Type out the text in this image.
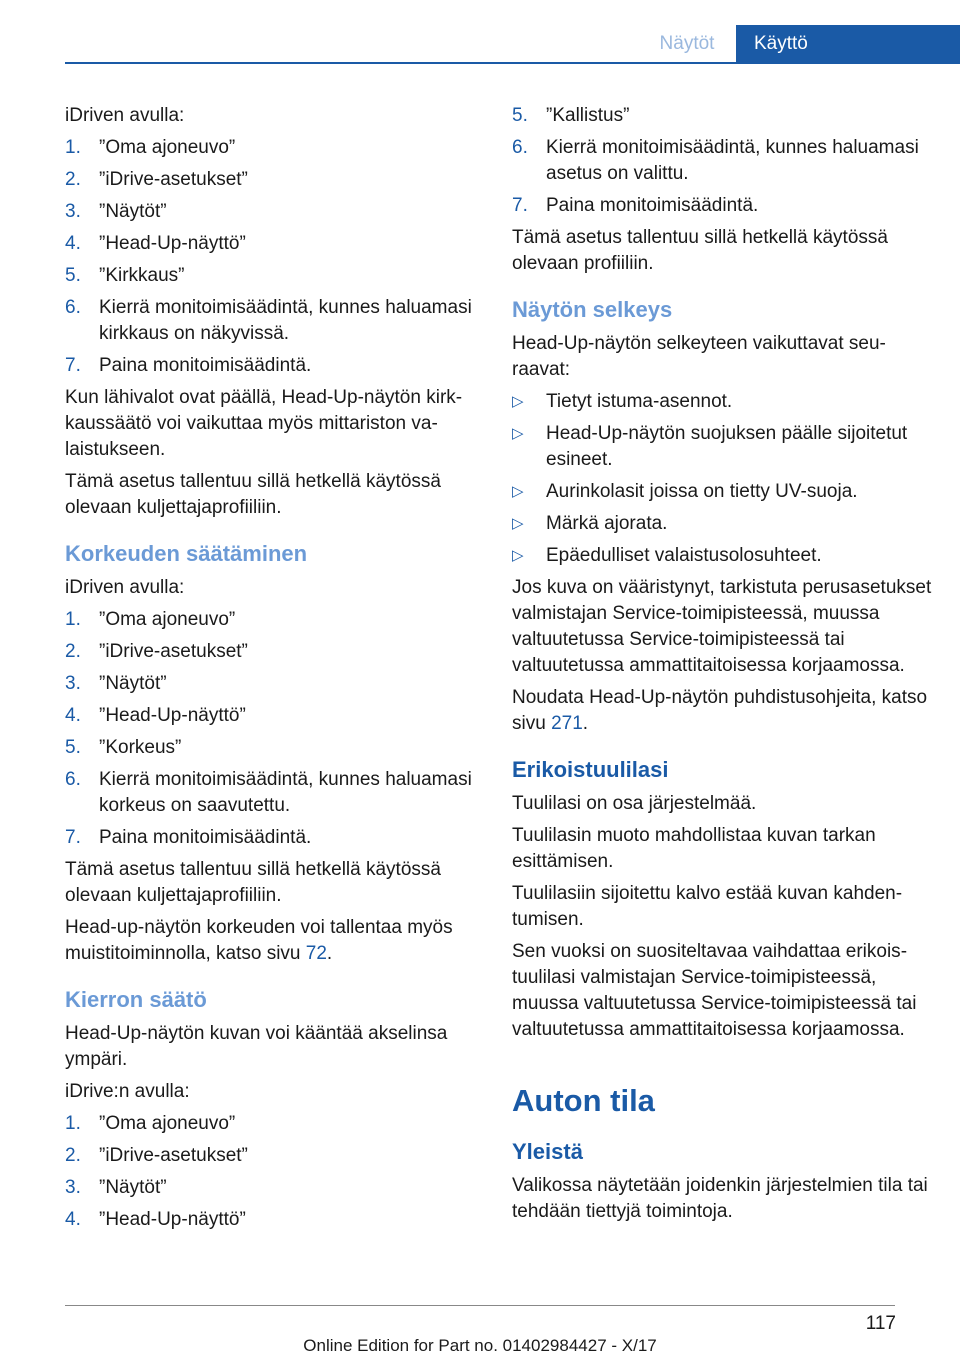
Näytöt	Käyttö

iDriven avulla:

1. ”Oma ajoneuvo”
2. ”iDrive-asetukset”
3. ”Näytöt”
4. ”Head-Up-näyttö”
5. ”Kirkkaus”
6. Kierrä monitoimisäädintä, kunnes haluamasi kirkkaus on näkyvissä.
7. Paina monitoimisäädintä.

Kun lähivalot ovat päällä, Head-Up-näytön kirkkaussäätö voi vaikuttaa myös mittariston valaistukseen.

Tämä asetus tallentuu sillä hetkellä käytössä olevaan kuljettajaprofiiliin.

Korkeuden säätäminen

iDriven avulla:

1. ”Oma ajoneuvo”
2. ”iDrive-asetukset”
3. ”Näytöt”
4. ”Head-Up-näyttö”
5. ”Korkeus”
6. Kierrä monitoimisäädintä, kunnes haluamasi korkeus on saavutettu.
7. Paina monitoimisäädintä.

Tämä asetus tallentuu sillä hetkellä käytössä olevaan kuljettajaprofiiliin.

Head-up-näytön korkeuden voi tallentaa myös muistitoiminnolla, katso sivu 72.

Kierron säätö

Head-Up-näytön kuvan voi kääntää akselinsa ympäri.

iDrive:n avulla:

1. ”Oma ajoneuvo”
2. ”iDrive-asetukset”
3. ”Näytöt”
4. ”Head-Up-näyttö”
5. ”Kallistus”
6. Kierrä monitoimisäädintä, kunnes haluamasi asetus on valittu.
7. Paina monitoimisäädintä.

Tämä asetus tallentuu sillä hetkellä käytössä olevaan profiiliin.

Näytön selkeys

Head-Up-näytön selkeyteen vaikuttavat seuraavat:

▷ Tietyt istuma-asennot.
▷ Head-Up-näytön suojuksen päälle sijoitetut esineet.
▷ Aurinkolasit joissa on tietty UV-suoja.
▷ Märkä ajorata.
▷ Epäedulliset valaistusolosuhteet.

Jos kuva on vääristynyt, tarkistuta perusasetukset valmistajan Service-toimipisteessä, muussa valtuutetussa Service-toimipisteessä tai valtuutetussa ammattitaitoisessa korjaamossa.

Noudata Head-Up-näytön puhdistusohjeita, katso sivu 271.

Erikoistuulilasi

Tuulilasi on osa järjestelmää.

Tuulilasin muoto mahdollistaa kuvan tarkan esittämisen.

Tuulilasiin sijoitettu kalvo estää kuvan kahdentumisen.

Sen vuoksi on suositeltavaa vaihdattaa erikoistuulilasi valmistajan Service-toimipisteessä, muussa valtuutetussa Service-toimipisteessä tai valtuutetussa ammattitaitoisessa korjaamossa.

Auton tila
Yleistä

Valikossa näytetään joidenkin järjestelmien tila tai tehdään tiettyjä toimintoja.

117
Online Edition for Part no. 01402984427 - X/17
